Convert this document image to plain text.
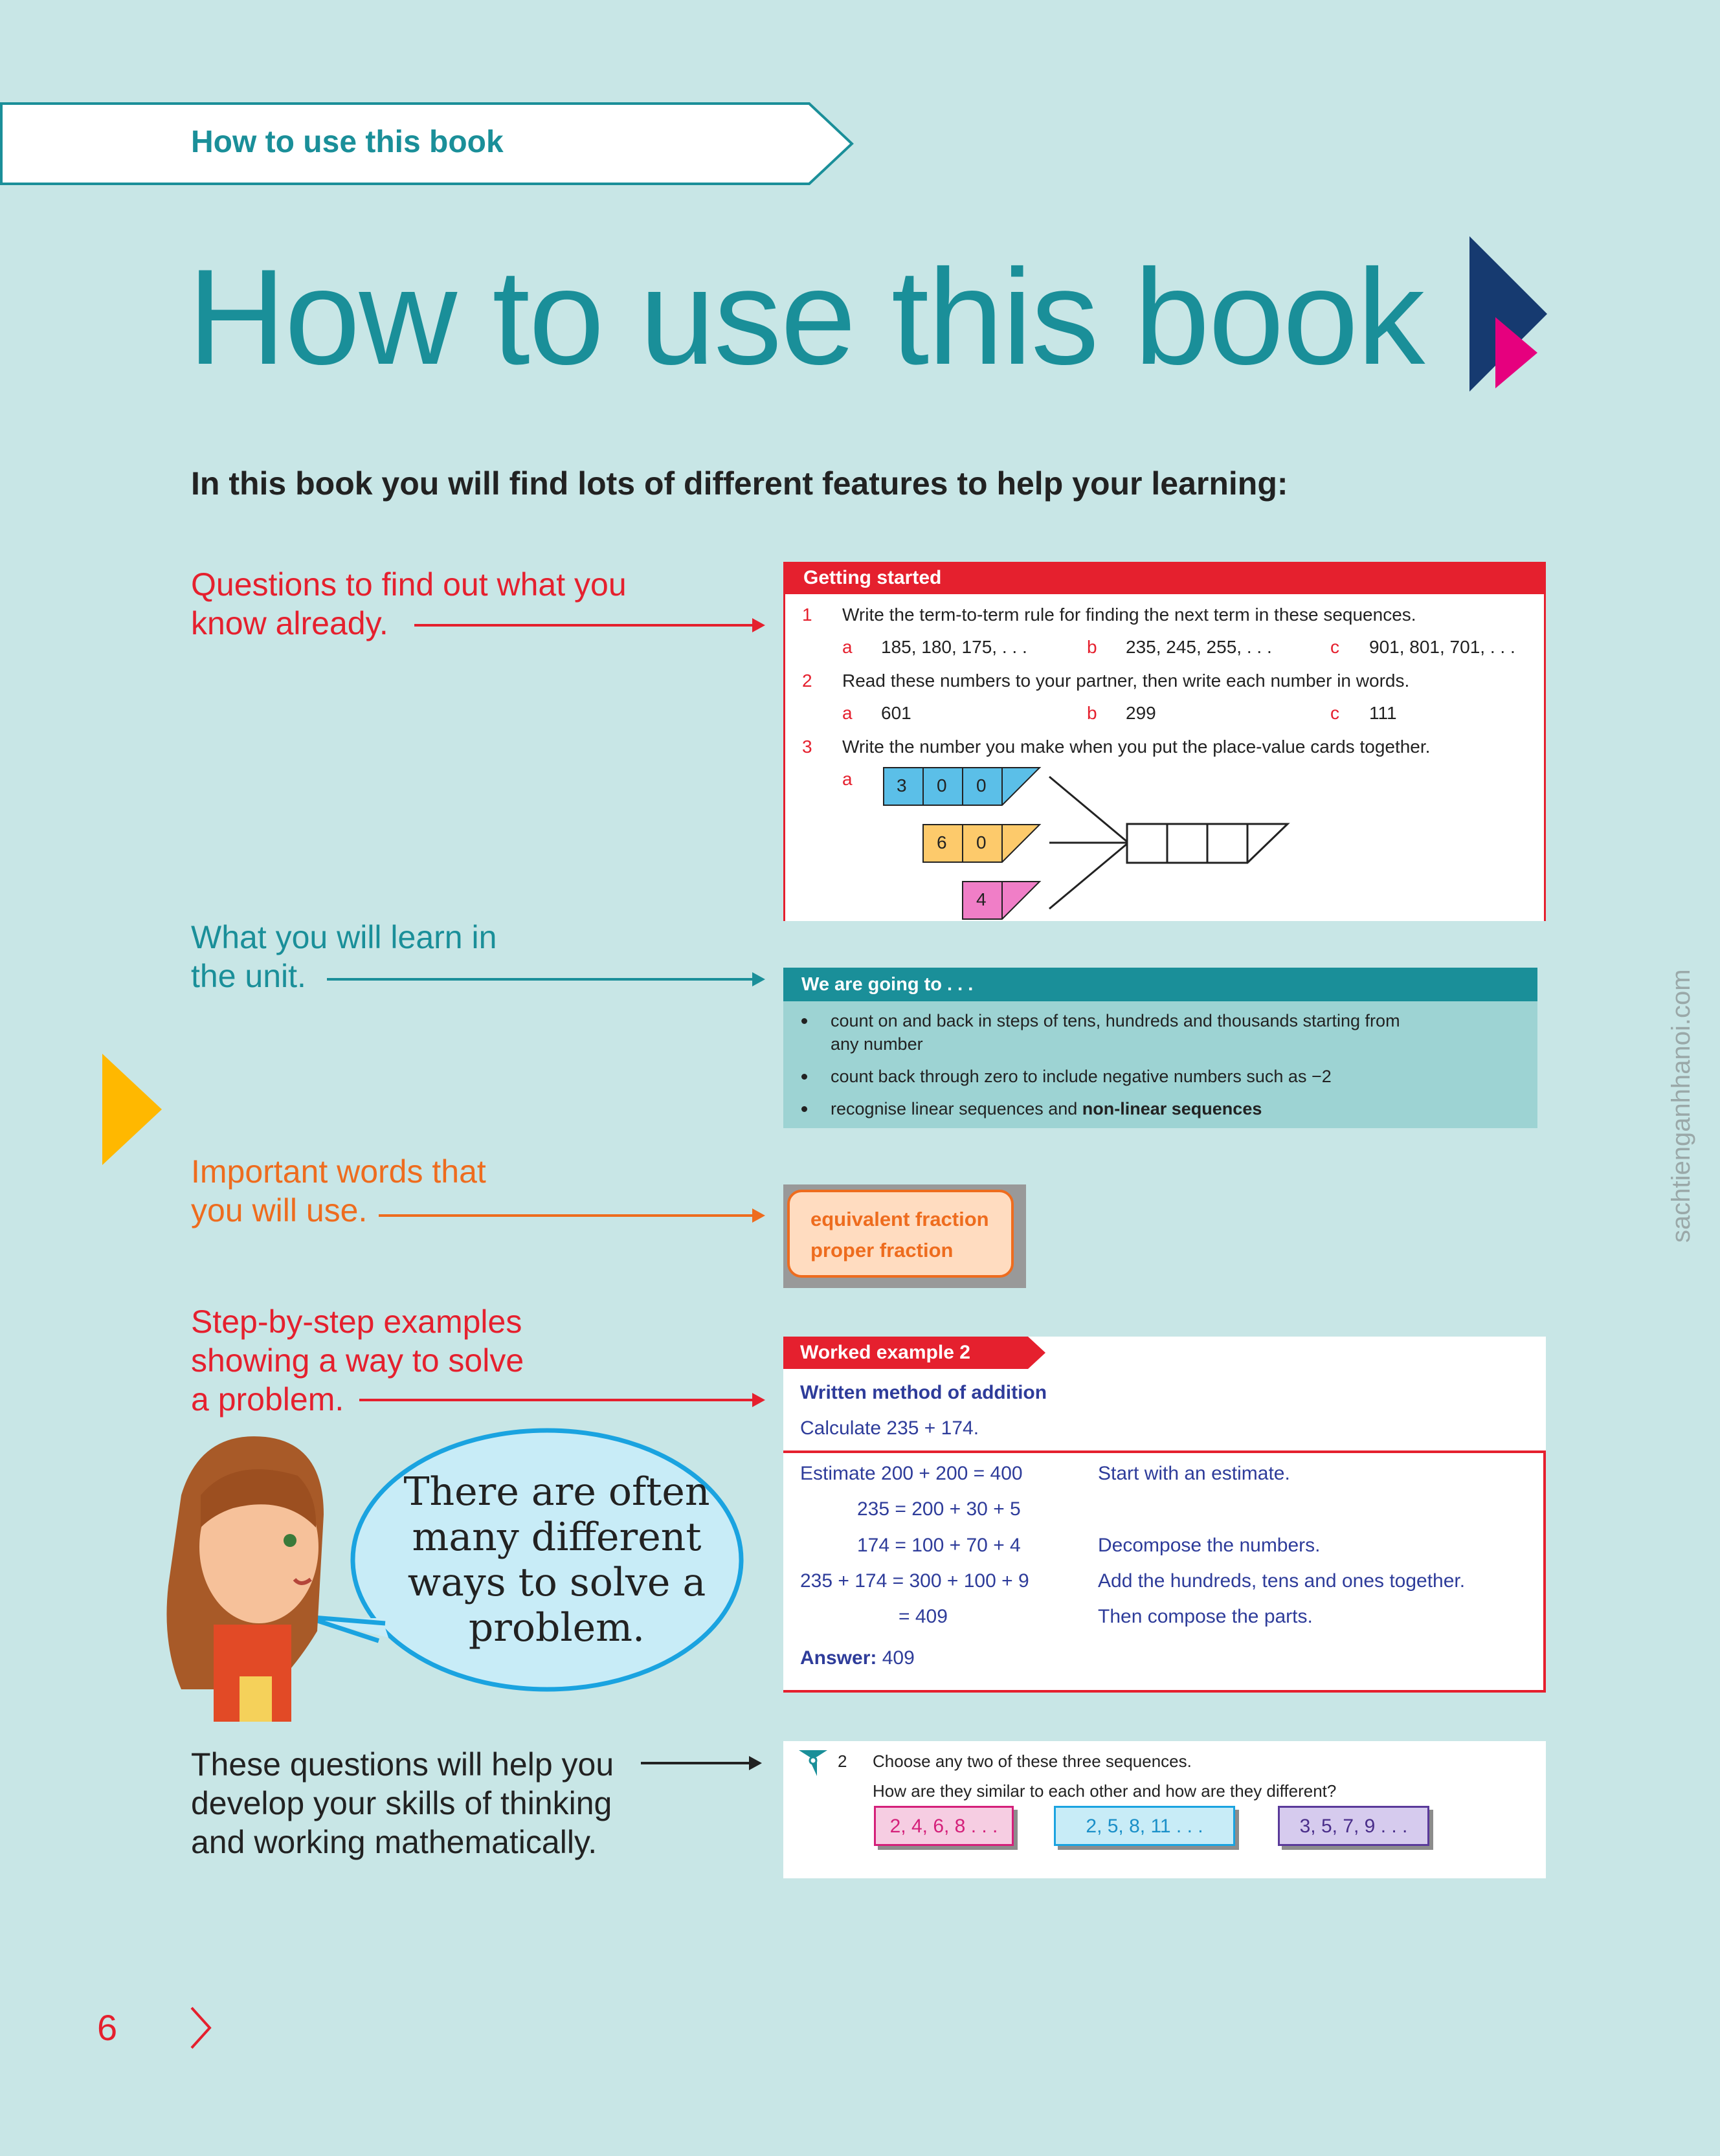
How to use this book
How to use this book
In this book you will find lots of different features to help your learning:
Questions to find out what you
know already.
What you will learn in
the unit.
Important words that
you will use.
Step-by-step examples
showing a way to solve
a problem.
These questions will help you
develop your skills of thinking
and working mathematically.
Getting started
1 Write the term-to-term rule for finding the next term in these sequences.
a 185, 180, 175, . . .	b 235, 245, 255, . . .	c 901, 801, 701, . . .
2 Read these numbers to your partner, then write each number in words.
a 601	b 299	c 111
3 Write the number you make when you put the place-value cards together.
a 3 0 0
6 0
4
We are going to . . .
count on and back in steps of tens, hundreds and thousands starting from
any number
count back through zero to include negative numbers such as −2
recognise linear sequences and non-linear sequences
equivalent fraction
proper fraction
Worked example 2
Written method of addition
Calculate 235 + 174.
Estimate 200 + 200 = 400	Start with an estimate.
235 = 200 + 30 + 5
174 = 100 + 70 + 4	Decompose the numbers.
235 + 174 = 300 + 100 + 9	Add the hundreds, tens and ones together.
= 409	Then compose the parts.
Answer: 409
There are often
many different
ways to solve a
problem.
2 Choose any two of these three sequences.
How are they similar to each other and how are they different?
2, 4, 6, 8 . . .	2, 5, 8, 11 . . .	3, 5, 7, 9 . . .
6
sachtienganhhanoi.com
